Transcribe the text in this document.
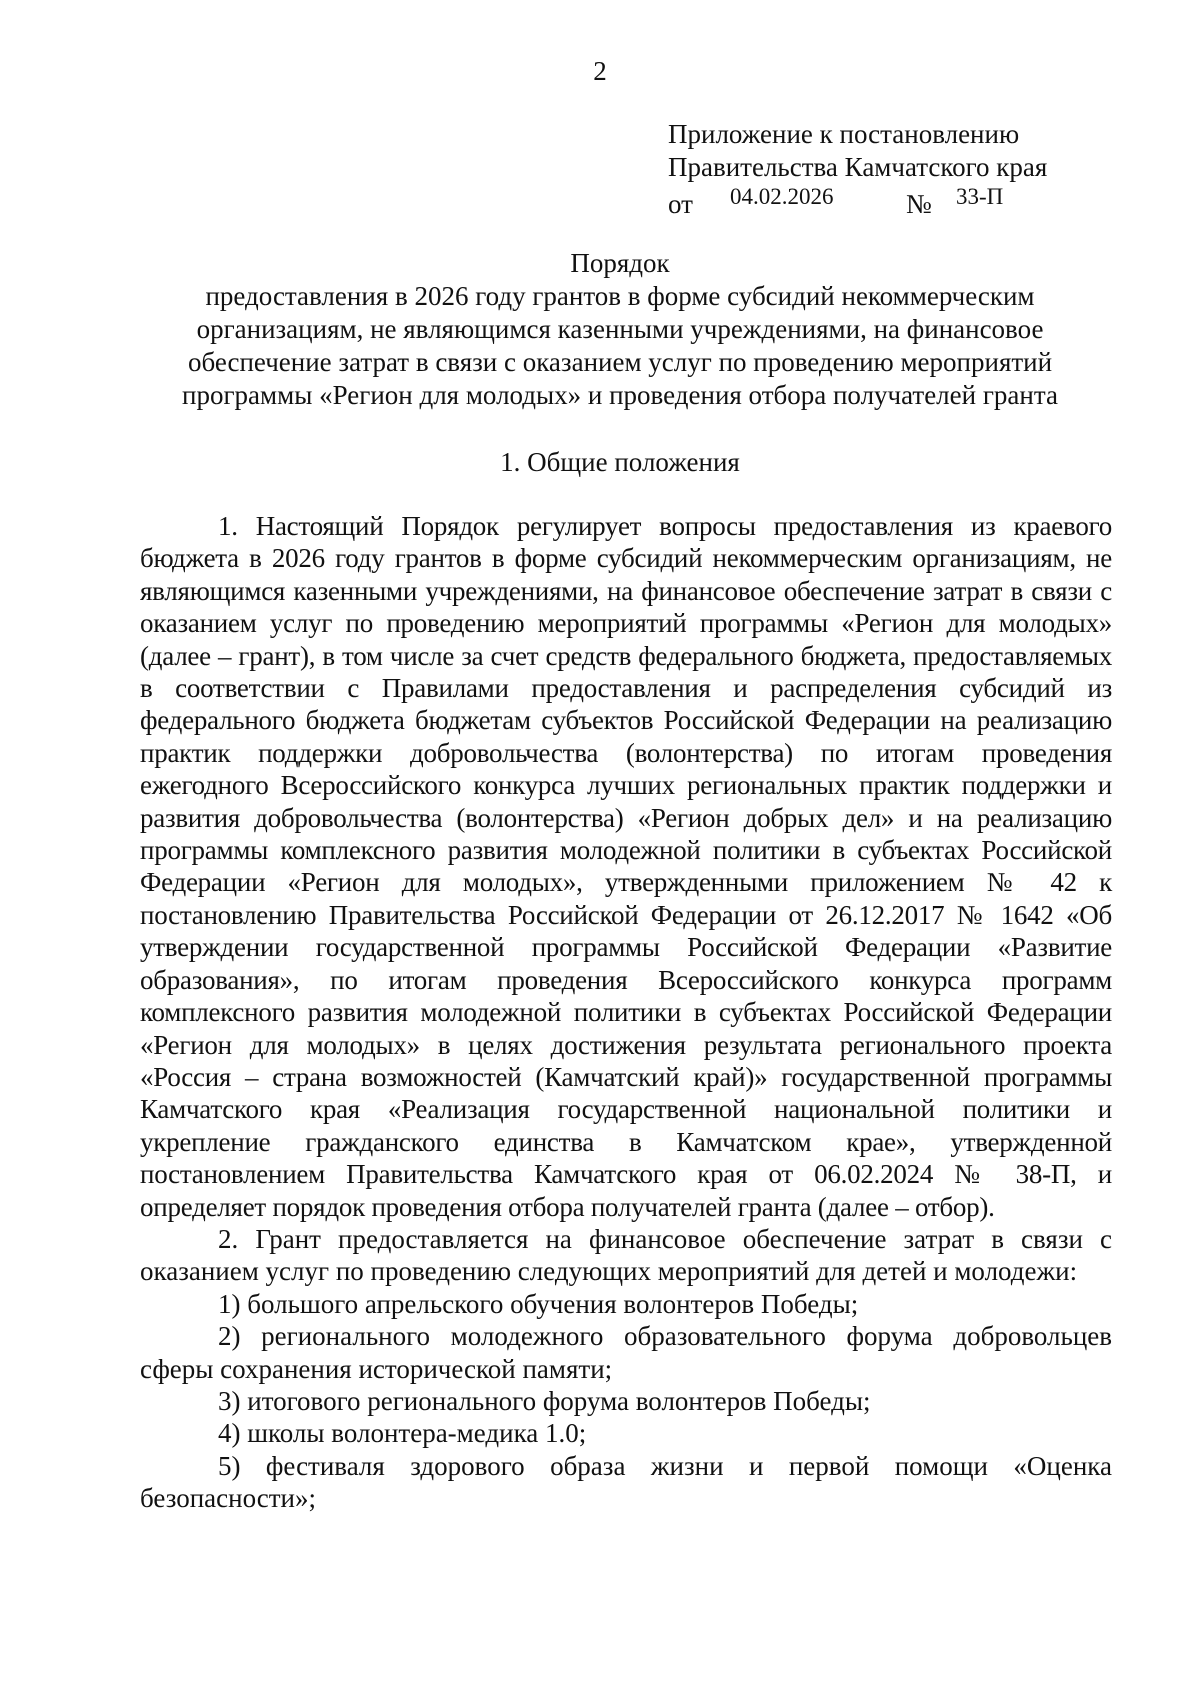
2
Приложение к постановлению
Правительства Камчатского края
от 04.02.2026	№ 33-П
Порядок
предоставления в 2026 году грантов в форме субсидий некоммерческим организациям, не являющимся казенными учреждениями, на финансовое обеспечение затрат в связи с оказанием услуг по проведению мероприятий программы «Регион для молодых» и проведения отбора получателей гранта
1. Общие положения

1. Настоящий Порядок регулирует вопросы предоставления из краевого бюджета в 2026 году грантов в форме субсидий некоммерческим организациям, не являющимся казенными учреждениями, на финансовое обеспечение затрат в связи с оказанием услуг по проведению мероприятий программы «Регион для молодых» (далее – грант), в том числе за счет средств федерального бюджета, предоставляемых в соответствии с Правилами предоставления и распределения субсидий из федерального бюджета бюджетам субъектов Российской Федерации на реализацию практик поддержки добровольчества (волонтерства) по итогам проведения ежегодного Всероссийского конкурса лучших региональных практик поддержки и развития добровольчества (волонтерства) «Регион добрых дел» и на реализацию программы комплексного развития молодежной политики в субъектах Российской Федерации «Регион для молодых», утвержденными приложением № 42 к постановлению Правительства Российской Федерации от 26.12.2017 № 1642 «Об утверждении государственной программы Российской Федерации «Развитие образования», по итогам проведения Всероссийского конкурса программ комплексного развития молодежной политики в субъектах Российской Федерации «Регион для молодых» в целях достижения результата регионального проекта «Россия – страна возможностей (Камчатский край)» государственной программы Камчатского края «Реализация государственной национальной политики и укрепление гражданского единства в Камчатском крае», утвержденной постановлением Правительства Камчатского края от 06.02.2024 № 38-П, и определяет порядок проведения отбора получателей гранта (далее – отбор).

2. Грант предоставляется на финансовое обеспечение затрат в связи с оказанием услуг по проведению следующих мероприятий для детей и молодежи:

1) большого апрельского обучения волонтеров Победы;

2) регионального молодежного образовательного форума добровольцев сферы сохранения исторической памяти;

3) итогового регионального форума волонтеров Победы;

4) школы волонтера-медика 1.0;

5) фестиваля здорового образа жизни и первой помощи «Оценка безопасности»;
